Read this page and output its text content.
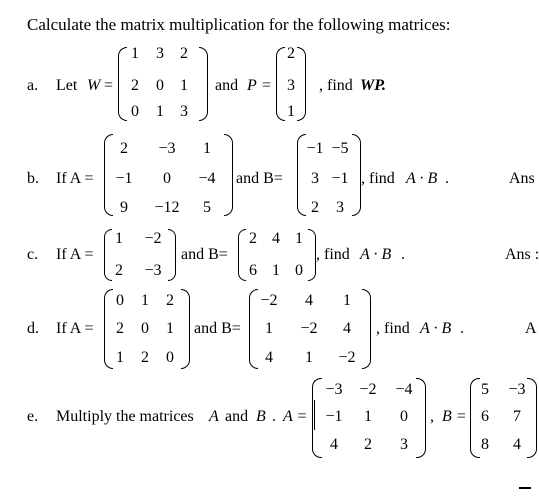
Calculate the matrix multiplication for the following matrices:
a. Let W =
1	3	2
2	0	1
0	1	3
and P =
2
3
1
, find WP.
b. If A =
2	−3	1
−1	0	−4
9	−12	5
and B=
−1 −5
3 −1
2	3
, find A · B .	Ans
c. If A =
1	−2
2	−3
and B=
2 4 1
6 1 0
, find A · B .	Ans :
d. If A =
0	1	2
2	0	1
1	2	0
and B=
−2	4	1
1	−2	4
4	1	−2
, find A · B .	A
e. Multiply the matrices A and B . A =
−3	−2	−4
−1	1	0
4	2	3
, B =
5	−3
6	7
8	4
